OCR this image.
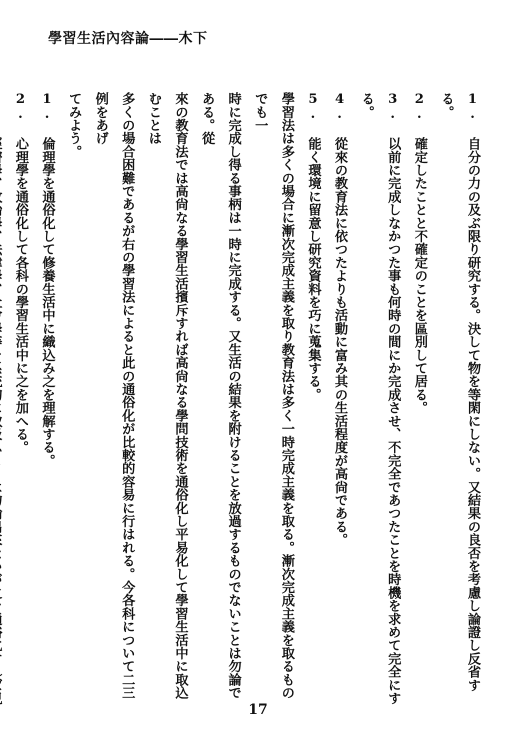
學習生活內容論――木下

1. 自分の力の及ぶ限り研究する。決して物を等閑にしない。又結果の良否を考慮し論證し反省する。

2. 確定したことと不確定のことを區別して居る。

3. 以前に完成しなかつた事も何時の間にか完成させ、不完全であつたことを時機を求めて完全にする。

4. 從來の教育法に依つたよりも活動に富み其の生活程度が高尙である。

5. 能く環境に留意し研究資料を巧に蒐集する。

學習法は多くの場合に漸次完成主義を取り教育法は多く一時完成主義を取る。漸次完成主義を取るものでも一

時に完成し得る事柄は一時に完成する。又生活の結果を附けることを放過するものでないことは勿論である。從

來の教育法では高尙なる學習生活擯斥すれば高尙なる學問技術を通俗化し平易化して學習生活中に取込むことは

多くの場合困難であるが右の學習法によると此の通俗化が比較的容易に行はれる。今各科について二三例をあげ

てみよう。

1. 倫理學を通俗化して修養生活中に織込み之を理解する。

2. 心理學を通俗化して各科の學習生活中に之を加へる。

17
